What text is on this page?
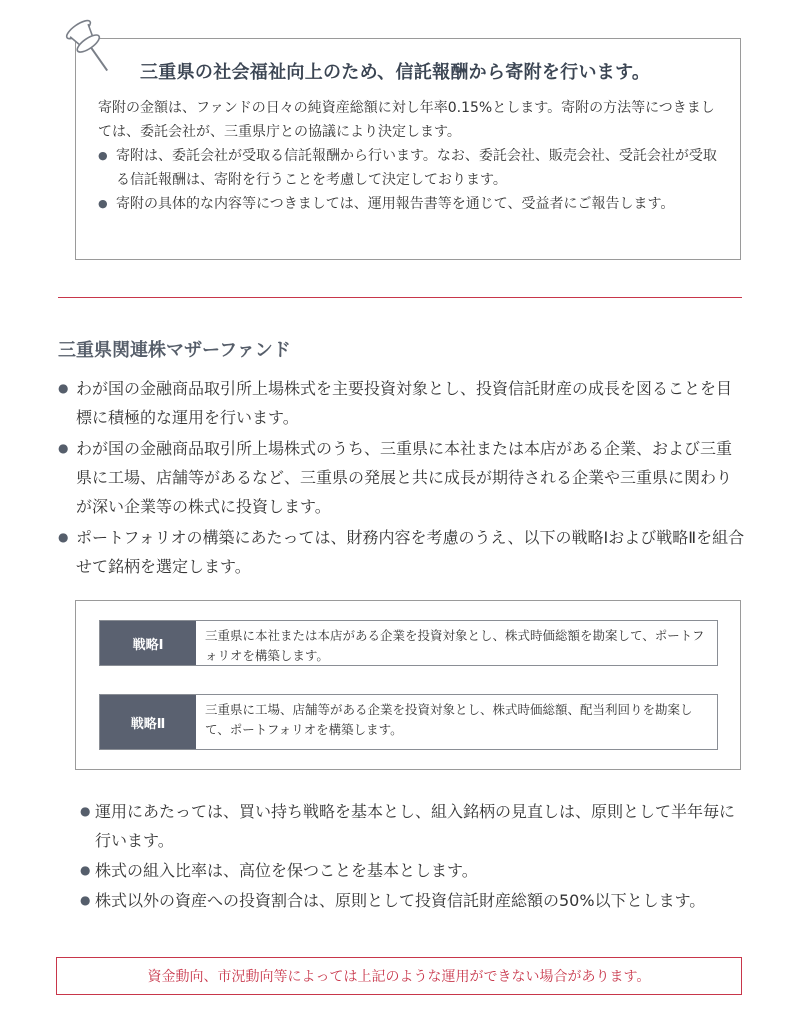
三重県の社会福祉向上のため、信託報酬から寄附を行います。

寄附の金額は、ファンドの日々の純資産総額に対し年率0.15%とします。寄附の方法等につきましては、委託会社が、三重県庁との協議により決定します。

● 寄附は、委託会社が受取る信託報酬から行います。なお、委託会社、販売会社、受託会社が受取る信託報酬は、寄附を行うことを考慮して決定しております。
● 寄附の具体的な内容等につきましては、運用報告書等を通じて、受益者にご報告します。
三重県関連株マザーファンド
● わが国の金融商品取引所上場株式を主要投資対象とし、投資信託財産の成長を図ることを目標に積極的な運用を行います。
● わが国の金融商品取引所上場株式のうち、三重県に本社または本店がある企業、および三重県に工場、店舗等があるなど、三重県の発展と共に成長が期待される企業や三重県に関わりが深い企業等の株式に投資します。
● ポートフォリオの構築にあたっては、財務内容を考慮のうえ、以下の戦略Ⅰおよび戦略Ⅱを組合せて銘柄を選定します。
戦略Ⅰ
三重県に本社または本店がある企業を投資対象とし、株式時価総額を勘案して、ポートフォリオを構築します。
戦略Ⅱ
三重県に工場、店舗等がある企業を投資対象とし、株式時価総額、配当利回りを勘案して、ポートフォリオを構築します。
● 運用にあたっては、買い持ち戦略を基本とし、組入銘柄の見直しは、原則として半年毎に行います。
● 株式の組入比率は、高位を保つことを基本とします。
● 株式以外の資産への投資割合は、原則として投資信託財産総額の50%以下とします。
資金動向、市況動向等によっては上記のような運用ができない場合があります。
